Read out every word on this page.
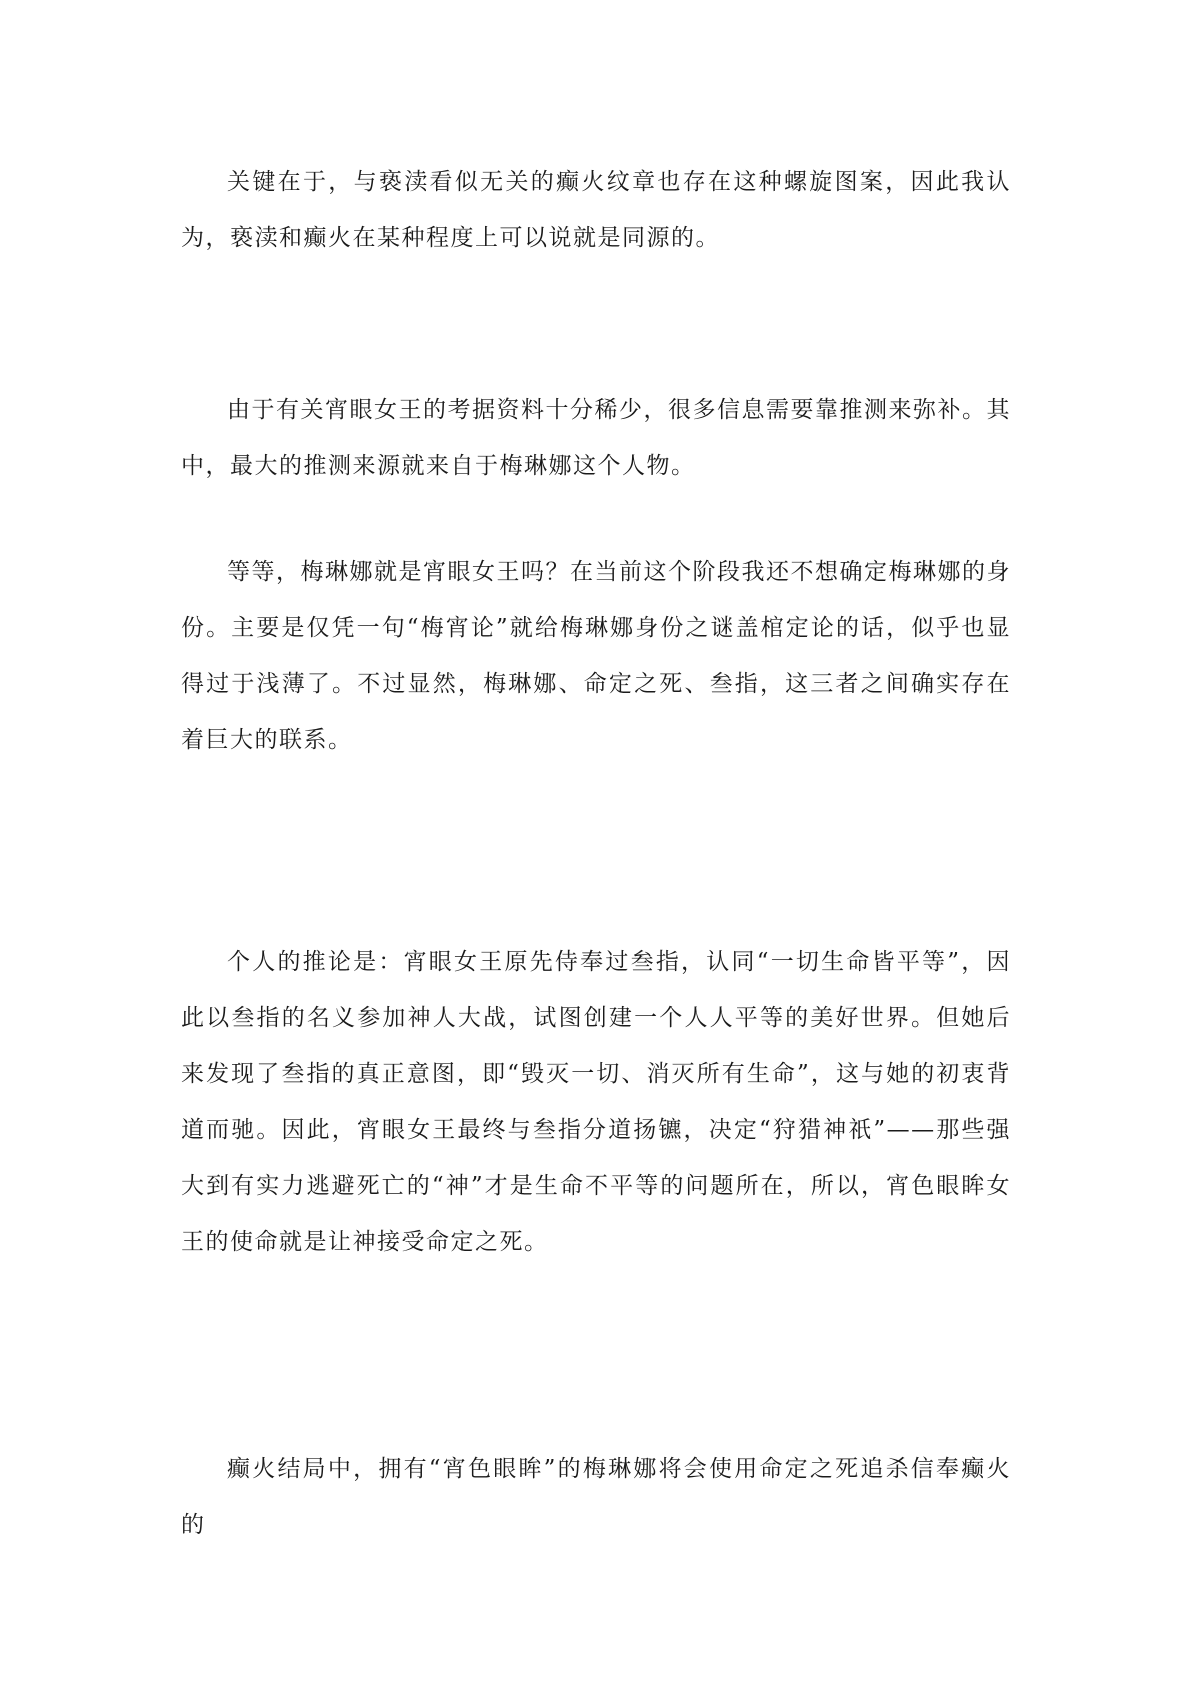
关键在于，与亵渎看似无关的癫火纹章也存在这种螺旋图案，因此我认为，亵渎和癫火在某种程度上可以说就是同源的。

由于有关宵眼女王的考据资料十分稀少，很多信息需要靠推测来弥补。其中，最大的推测来源就来自于梅琳娜这个人物。

等等，梅琳娜就是宵眼女王吗？在当前这个阶段我还不想确定梅琳娜的身份。主要是仅凭一句“梅宵论”就给梅琳娜身份之谜盖棺定论的话，似乎也显得过于浅薄了。不过显然，梅琳娜、命定之死、叁指，这三者之间确实存在着巨大的联系。

个人的推论是：宵眼女王原先侍奉过叁指，认同“一切生命皆平等”，因此以叁指的名义参加神人大战，试图创建一个人人平等的美好世界。但她后来发现了叁指的真正意图，即“毁灭一切、消灭所有生命”，这与她的初衷背道而驰。因此，宵眼女王最终与叁指分道扬镳，决定“狩猎神祇”——那些强大到有实力逃避死亡的“神”才是生命不平等的问题所在，所以，宵色眼眸女王的使命就是让神接受命定之死。

癫火结局中，拥有“宵色眼眸”的梅琳娜将会使用命定之死追杀信奉癫火的
